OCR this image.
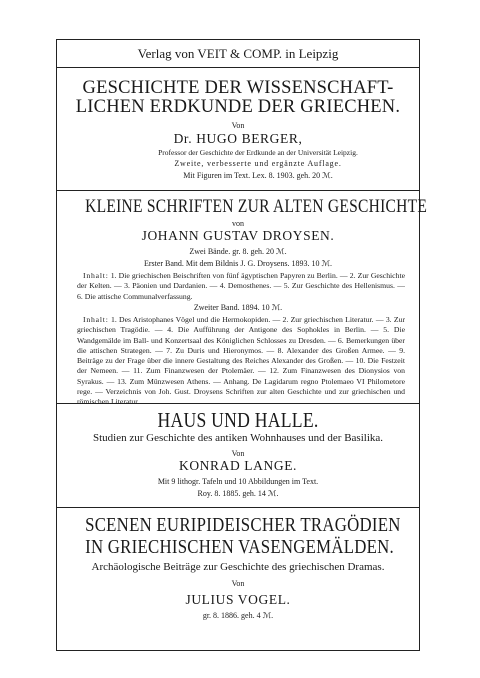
Verlag von VEIT & COMP. in Leipzig
GESCHICHTE DER WISSENSCHAFT-
LICHEN ERDKUNDE DER GRIECHEN.
Von
Dr. HUGO BERGER,
Professor der Geschichte der Erdkunde an der Universität Leipzig.
Zweite, verbesserte und ergänzte Auflage.
Mit Figuren im Text. Lex. 8. 1903. geh. 20 ℳ.
KLEINE SCHRIFTEN ZUR ALTEN GESCHICHTE
von
JOHANN GUSTAV DROYSEN.
Zwei Bände. gr. 8. geh. 20 ℳ.
Erster Band. Mit dem Bildnis J. G. Droysens. 1893. 10 ℳ.
Inhalt: 1. Die griechischen Beischriften von fünf ägyptischen Papyren zu Berlin. — 2. Zur Geschichte der Kelten. — 3. Päonien und Dardanien. — 4. Demosthenes. — 5. Zur Geschichte des Hellenismus. — 6. Die attische Communalverfassung.
Zweiter Band. 1894. 10 ℳ.
Inhalt: 1. Des Aristophanes Vögel und die Hermokopiden. — 2. Zur griechischen Literatur. — 3. Zur griechischen Tragödie. — 4. Die Aufführung der Antigone des Sophokles in Berlin. — 5. Die Wandgemälde im Ball- und Konzertsaal des Königlichen Schlosses zu Dresden. — 6. Bemerkungen über die attischen Strategen. — 7. Zu Duris und Hieronymos. — 8. Alexander des Großen Armee. — 9. Beiträge zu der Frage über die innere Gestaltung des Reiches Alexander des Großen. — 10. Die Festzeit der Nemeen. — 11. Zum Finanzwesen der Ptolemäer. — 12. Zum Finanzwesen des Dionysios von Syrakus. — 13. Zum Münzwesen Athens. — Anhang. De Lagidarum regno Ptolemaeo VI Philometore rege. — Verzeichnis von Joh. Gust. Droysens Schriften zur alten Geschichte und zur griechischen und römischen Literatur.
HAUS UND HALLE.
Studien zur Geschichte des antiken Wohnhauses und der Basilika.
Von
KONRAD LANGE.
Mit 9 lithogr. Tafeln und 10 Abbildungen im Text.
Roy. 8. 1885. geh. 14 ℳ.
SCENEN EURIPIDEISCHER TRAGÖDIEN
IN GRIECHISCHEN VASENGEMÄLDEN.
Archäologische Beiträge zur Geschichte des griechischen Dramas.
Von
JULIUS VOGEL.
gr. 8. 1886. geh. 4 ℳ.
